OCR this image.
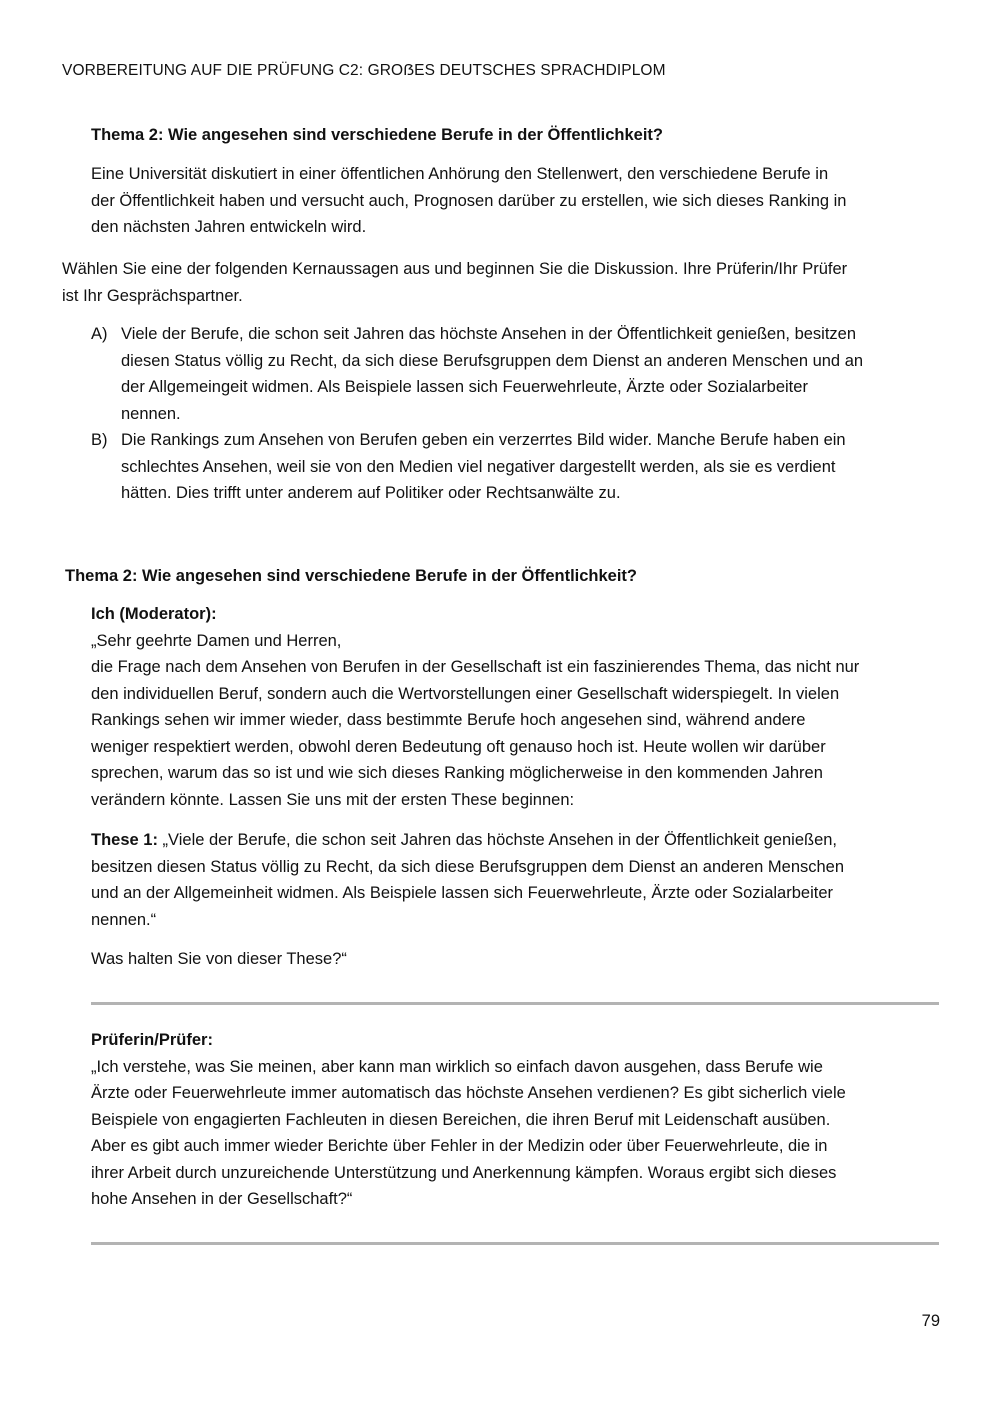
VORBEREITUNG AUF DIE PRÜFUNG C2: GROẞES DEUTSCHES SPRACHDIPLOM
Thema 2: Wie angesehen sind verschiedene Berufe in der Öffentlichkeit?
Eine Universität diskutiert in einer öffentlichen Anhörung den Stellenwert, den verschiedene Berufe in
der Öffentlichkeit haben und versucht auch, Prognosen darüber zu erstellen, wie sich dieses Ranking in
den nächsten Jahren entwickeln wird.
Wählen Sie eine der folgenden Kernaussagen aus und beginnen Sie die Diskussion. Ihre Prüferin/Ihr Prüfer
ist Ihr Gesprächspartner.
A) Viele der Berufe, die schon seit Jahren das höchste Ansehen in der Öffentlichkeit genießen, besitzen
diesen Status völlig zu Recht, da sich diese Berufsgruppen dem Dienst an anderen Menschen und an
der Allgemeingeit widmen. Als Beispiele lassen sich Feuerwehrleute, Ärzte oder Sozialarbeiter
nennen.
B) Die Rankings zum Ansehen von Berufen geben ein verzerrtes Bild wider. Manche Berufe haben ein
schlechtes Ansehen, weil sie von den Medien viel negativer dargestellt werden, als sie es verdient
hätten. Dies trifft unter anderem auf Politiker oder Rechtsanwälte zu.
Thema 2: Wie angesehen sind verschiedene Berufe in der Öffentlichkeit?
Ich (Moderator):
„Sehr geehrte Damen und Herren,
die Frage nach dem Ansehen von Berufen in der Gesellschaft ist ein faszinierendes Thema, das nicht nur
den individuellen Beruf, sondern auch die Wertvorstellungen einer Gesellschaft widerspiegelt. In vielen
Rankings sehen wir immer wieder, dass bestimmte Berufe hoch angesehen sind, während andere
weniger respektiert werden, obwohl deren Bedeutung oft genauso hoch ist. Heute wollen wir darüber
sprechen, warum das so ist und wie sich dieses Ranking möglicherweise in den kommenden Jahren
verändern könnte. Lassen Sie uns mit der ersten These beginnen:
These 1: „Viele der Berufe, die schon seit Jahren das höchste Ansehen in der Öffentlichkeit genießen,
besitzen diesen Status völlig zu Recht, da sich diese Berufsgruppen dem Dienst an anderen Menschen
und an der Allgemeinheit widmen. Als Beispiele lassen sich Feuerwehrleute, Ärzte oder Sozialarbeiter
nennen.“
Was halten Sie von dieser These?“
Prüferin/Prüfer:
„Ich verstehe, was Sie meinen, aber kann man wirklich so einfach davon ausgehen, dass Berufe wie
Ärzte oder Feuerwehrleute immer automatisch das höchste Ansehen verdienen? Es gibt sicherlich viele
Beispiele von engagierten Fachleuten in diesen Bereichen, die ihren Beruf mit Leidenschaft ausüben.
Aber es gibt auch immer wieder Berichte über Fehler in der Medizin oder über Feuerwehrleute, die in
ihrer Arbeit durch unzureichende Unterstützung und Anerkennung kämpfen. Woraus ergibt sich dieses
hohe Ansehen in der Gesellschaft?“
79
